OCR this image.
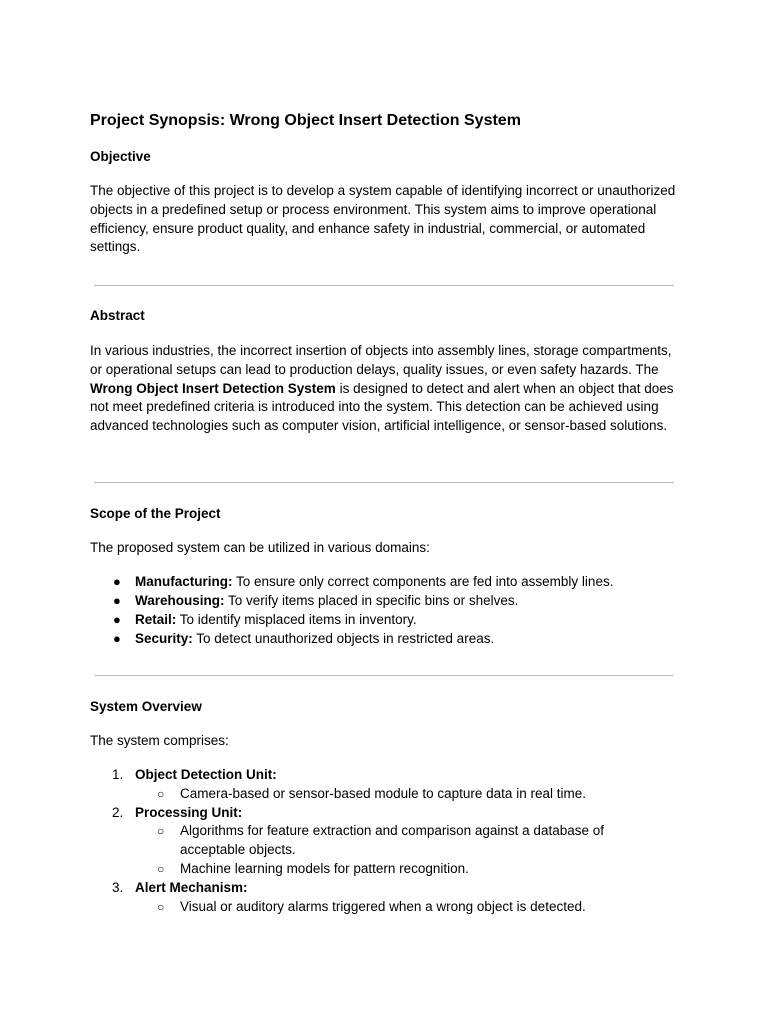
Project Synopsis: Wrong Object Insert Detection System
Objective

The objective of this project is to develop a system capable of identifying incorrect or unauthorized objects in a predefined setup or process environment. This system aims to improve operational efficiency, ensure product quality, and enhance safety in industrial, commercial, or automated settings.

Abstract

In various industries, the incorrect insertion of objects into assembly lines, storage compartments, or operational setups can lead to production delays, quality issues, or even safety hazards. The Wrong Object Insert Detection System is designed to detect and alert when an object that does not meet predefined criteria is introduced into the system. This detection can be achieved using advanced technologies such as computer vision, artificial intelligence, or sensor-based solutions.

Scope of the Project

The proposed system can be utilized in various domains:

● Manufacturing: To ensure only correct components are fed into assembly lines.
● Warehousing: To verify items placed in specific bins or shelves.
● Retail: To identify misplaced items in inventory.
● Security: To detect unauthorized objects in restricted areas.
System Overview

The system comprises:

1. Object Detection Unit:
○ Camera-based or sensor-based module to capture data in real time.
2. Processing Unit:
○ Algorithms for feature extraction and comparison against a database of acceptable objects.
○ Machine learning models for pattern recognition.
3. Alert Mechanism:
○ Visual or auditory alarms triggered when a wrong object is detected.
